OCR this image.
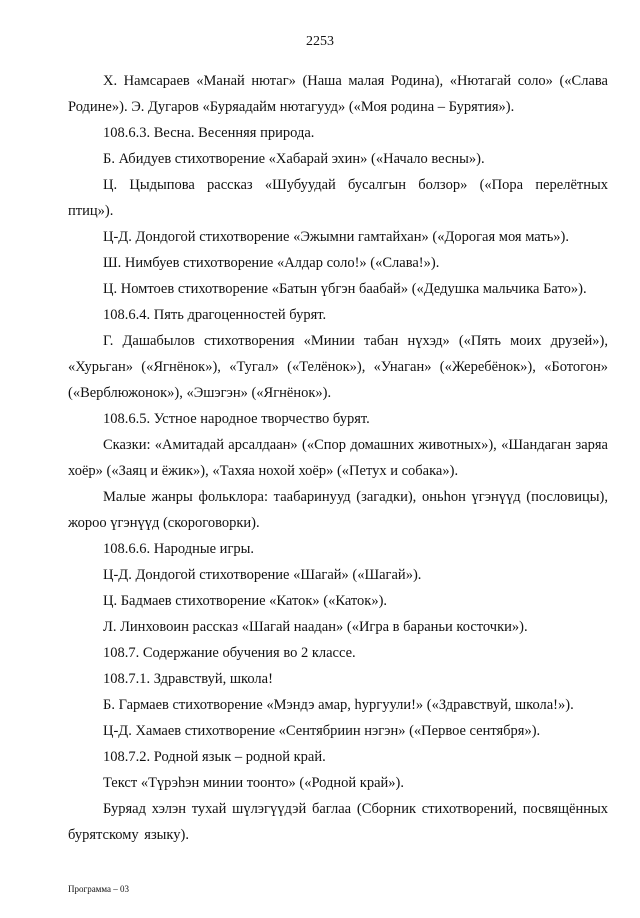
2253

Х. Намсараев «Манай нютаг» (Наша малая Родина), «Нютагай соло» («Слава Родине»). Э. Дугаров «Буряадайм нютагууд» («Моя родина – Бурятия»).

108.6.3. Весна. Весенняя природа.

Б. Абидуев стихотворение «Хабарай эхин» («Начало весны»).

Ц. Цыдыпова рассказ «Шубуудай бусалгын болзор» («Пора перелётных птиц»).

Ц-Д. Дондогой стихотворение «Эжымни гамтайхан» («Дорогая моя мать»).

Ш. Нимбуев стихотворение «Алдар соло!» («Слава!»).

Ц. Номтоев стихотворение «Батын үбгэн баабай» («Дедушка мальчика Бато»).

108.6.4. Пять драгоценностей бурят.

Г. Дашабылов стихотворения «Минии табан нүхэд» («Пять моих друзей»), «Хурьган» («Ягнёнок»), «Тугал» («Телёнок»), «Унаган» («Жеребёнок»), «Ботогон» («Верблюжонок»), «Эшэгэн» («Ягнёнок»).

108.6.5. Устное народное творчество бурят.

Сказки: «Амитадай арсалдаан» («Спор домашних животных»), «Шандаган заряа хоёр» («Заяц и ёжик»), «Тахяа нохой хоёр» («Петух и собака»).

Малые жанры фольклора: таабаринууд (загадки), оньһон үгэнүүд (пословицы), жороо үгэнүүд (скороговорки).

108.6.6. Народные игры.

Ц-Д. Дондогой стихотворение «Шагай» («Шагай»).

Ц. Бадмаев стихотворение «Каток» («Каток»).

Л. Линховоин рассказ «Шагай наадан» («Игра в бараньи косточки»).

108.7. Содержание обучения во 2 классе.

108.7.1. Здравствуй, школа!

Б. Гармаев стихотворение «Мэндэ амар, һургуули!» («Здравствуй, школа!»).

Ц-Д. Хамаев стихотворение «Сентябриин нэгэн» («Первое сентября»).

108.7.2. Родной язык – родной край.

Текст «Түрэһэн минии тоонто» («Родной край»).

Буряад хэлэн тухай шүлэгүүдэй баглаа (Сборник стихотворений, посвящённых бурятскому языку).

Программа – 03
